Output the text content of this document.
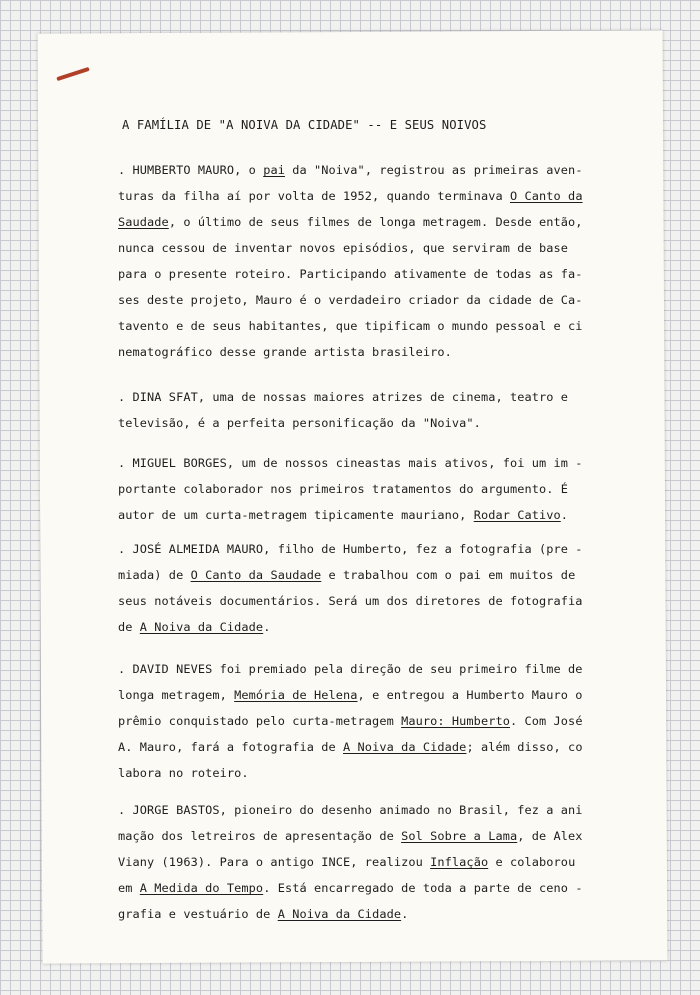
A FAMÍLIA DE "A NOIVA DA CIDADE" -- E SEUS NOIVOS
. HUMBERTO MAURO, o pai da "Noiva", registrou as primeiras aven-
turas da filha aí por volta de 1952, quando terminava O Canto da
Saudade, o último de seus filmes de longa metragem. Desde então,
nunca cessou de inventar novos episódios, que serviram de base
para o presente roteiro. Participando ativamente de todas as fa-
ses deste projeto, Mauro é o verdadeiro criador da cidade de Ca-
tavento e de seus habitantes, que tipificam o mundo pessoal e ci
nematográfico desse grande artista brasileiro.
. DINA SFAT, uma de nossas maiores atrizes de cinema, teatro e
televisão, é a perfeita personificação da "Noiva".
. MIGUEL BORGES, um de nossos cineastas mais ativos, foi um im -
portante colaborador nos primeiros tratamentos do argumento. É
autor de um curta-metragem tipicamente mauriano, Rodar Cativo.
. JOSÉ ALMEIDA MAURO, filho de Humberto, fez a fotografia (pre -
miada) de O Canto da Saudade e trabalhou com o pai em muitos de
seus notáveis documentários. Será um dos diretores de fotografia
de A Noiva da Cidade.
. DAVID NEVES foi premiado pela direção de seu primeiro filme de
longa metragem, Memória de Helena, e entregou a Humberto Mauro o
prêmio conquistado pelo curta-metragem Mauro: Humberto. Com José
A. Mauro, fará a fotografia de A Noiva da Cidade; além disso, co
labora no roteiro.
. JORGE BASTOS, pioneiro do desenho animado no Brasil, fez a ani
mação dos letreiros de apresentação de Sol Sobre a Lama, de Alex
Viany (1963). Para o antigo INCE, realizou Inflação e colaborou
em A Medida do Tempo. Está encarregado de toda a parte de ceno -
grafia e vestuário de A Noiva da Cidade.
